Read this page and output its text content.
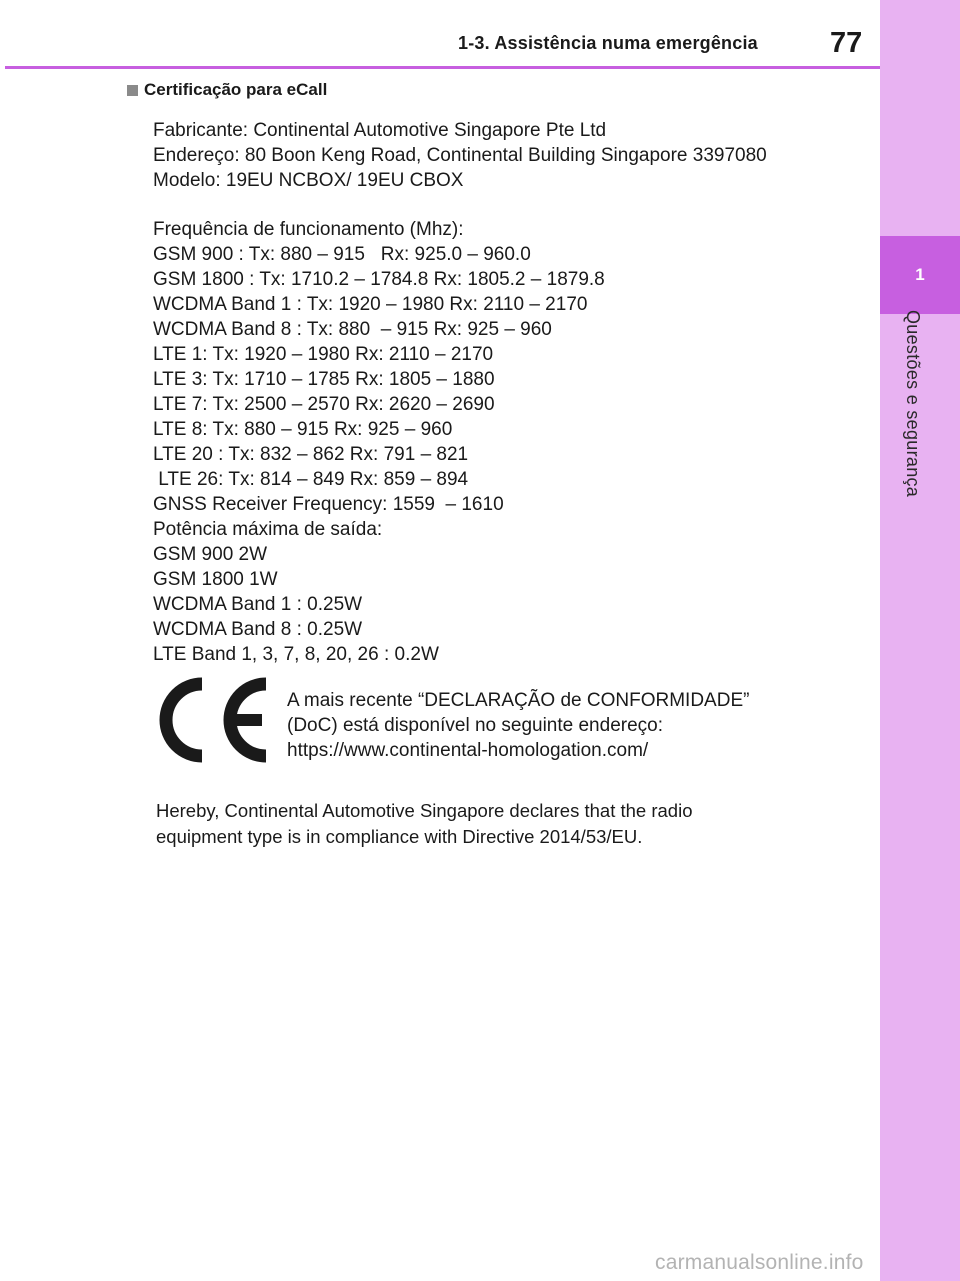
1
Questões e segurança
1-3. Assistência numa emergência 77
Certificação para eCall
Fabricante: Continental Automotive Singapore Pte Ltd
Endereço: 80 Boon Keng Road, Continental Building Singapore 3397080
Modelo: 19EU NCBOX/ 19EU CBOX
Frequência de funcionamento (Mhz):
GSM 900 : Tx: 880 – 915   Rx: 925.0 – 960.0
GSM 1800 : Tx: 1710.2 – 1784.8 Rx: 1805.2 – 1879.8
WCDMA Band 1 : Tx: 1920 – 1980 Rx: 2110 – 2170
WCDMA Band 8 : Tx: 880  – 915 Rx: 925 – 960
LTE 1: Tx: 1920 – 1980 Rx: 2110 – 2170
LTE 3: Tx: 1710 – 1785 Rx: 1805 – 1880
LTE 7: Tx: 2500 – 2570 Rx: 2620 – 2690
LTE 8: Tx: 880 – 915 Rx: 925 – 960
LTE 20 : Tx: 832 – 862 Rx: 791 – 821
LTE 26: Tx: 814 – 849 Rx: 859 – 894
GNSS Receiver Frequency: 1559  – 1610
Potência máxima de saída:
GSM 900 2W
GSM 1800 1W
WCDMA Band 1 : 0.25W
WCDMA Band 8 : 0.25W
LTE Band 1, 3, 7, 8, 20, 26 : 0.2W
A mais recente “DECLARAÇÃO de CONFORMIDADE”
(DoC) está disponível no seguinte endereço:
https://www.continental-homologation.com/
Hereby, Continental Automotive Singapore declares that the radio
equipment type is in compliance with Directive 2014/53/EU.
carmanualsonline.info
